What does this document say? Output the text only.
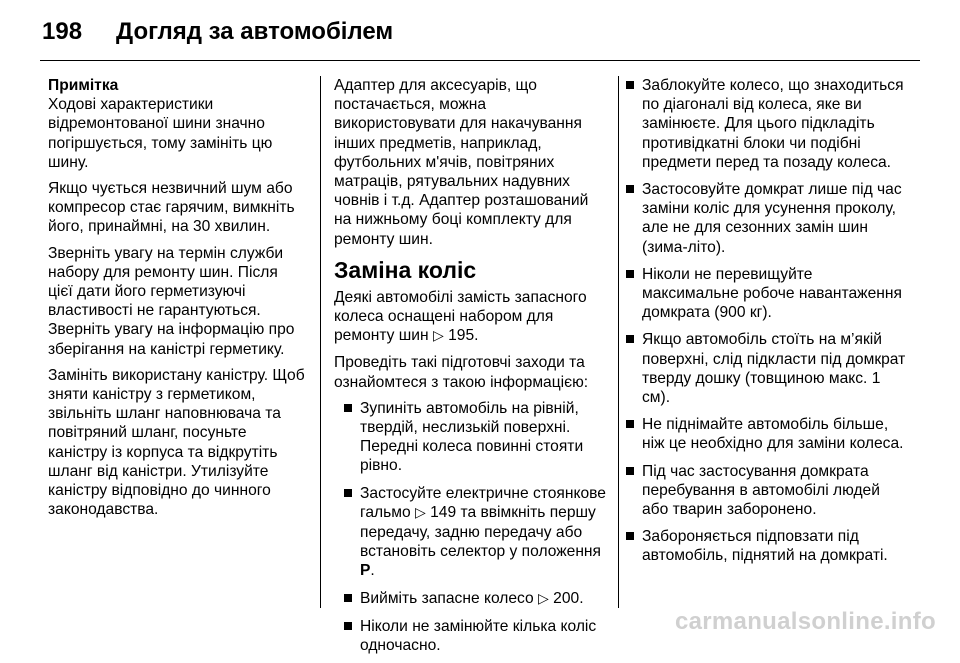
198 Догляд за автомобілем

Примітка

Ходові характеристики відремонтованої шини значно погіршується, тому замініть цю шину.

Якщо чується незвичний шум або компресор стає гарячим, вимкніть його, принаймні, на 30 хвилин.

Зверніть увагу на термін служби набору для ремонту шин. Після цієї дати його герметизуючі властивості не гарантуються. Зверніть увагу на інформацію про зберігання на каністрі герметику.

Замініть використану каністру. Щоб зняти каністру з герметиком, звільніть шланг наповнювача та повітряний шланг, посуньте каністру із корпуса та відкрутіть шланг від каністри. Утилізуйте каністру відповідно до чинного законодавства.

Адаптер для аксесуарів, що постачається, можна використовувати для накачування інших предметів, наприклад, футбольних м'ячів, повітряних матраців, рятувальних надувних човнів і т.д. Адаптер розташований на нижньому боці комплекту для ремонту шин.

Заміна коліс

Деякі автомобілі замість запасного колеса оснащені набором для ремонту шин ▷ 195.

Проведіть такі підготовчі заходи та ознайомтеся з такою інформацією:

Зупиніть автомобіль на рівній, твердій, неслизькій поверхні. Передні колеса повинні стояти рівно.
Застосуйте електричне стоянкове гальмо ▷ 149 та ввімкніть першу передачу, задню передачу або встановіть селектор у положення P.
Вийміть запасне колесо ▷ 200.
Ніколи не замінюйте кілька коліс одночасно.
Заблокуйте колесо, що знаходиться по діагоналі від колеса, яке ви замінюєте. Для цього підкладіть противідкатні блоки чи подібні предмети перед та позаду колеса.
Застосовуйте домкрат лише під час заміни коліс для усунення проколу, але не для сезонних замін шин (зима-літо).
Ніколи не перевищуйте максимальне робоче навантаження домкрата (900 кг).
Якщо автомобіль стоїть на м’якій поверхні, слід підкласти під домкрат тверду дошку (товщиною макс. 1 см).
Не піднімайте автомобіль більше, ніж це необхідно для заміни колеса.
Під час застосування домкрата перебування в автомобілі людей або тварин заборонено.
Забороняється підповзати під автомобіль, піднятий на домкраті.
carmanualsonline.info
